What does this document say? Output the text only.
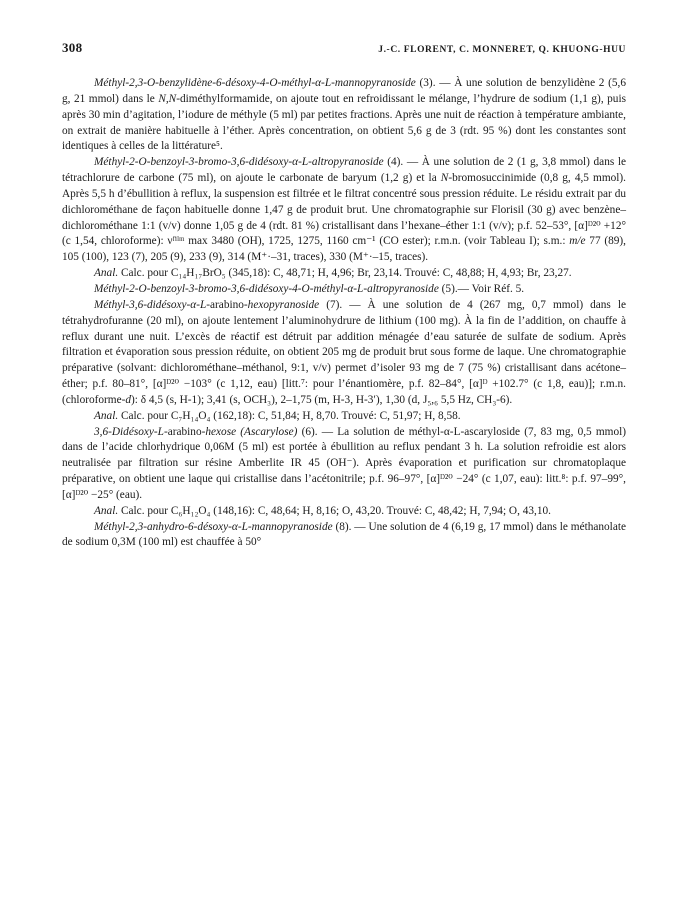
308	J.-C. FLORENT, C. MONNERET, Q. KHUONG-HUU

Méthyl-2,3-O-benzylidène-6-désoxy-4-O-méthyl-α-L-mannopyranoside (3). — À une solution de benzylidène 2 (5,6 g, 21 mmol) dans le N,N-diméthylformamide, on ajoute tout en refroidissant le mélange, l’hydrure de sodium (1,1 g), puis après 30 min d’agitation, l’iodure de méthyle (5 ml) par petites fractions. Après une nuit de réaction à température ambiante, on extrait de manière habituelle à l’éther. Après concentration, on obtient 5,6 g de 3 (rdt. 95 %) dont les constantes sont identiques à celles de la littérature⁵.

Méthyl-2-O-benzoyl-3-bromo-3,6-didésoxy-α-L-altropyranoside (4). — À une solution de 2 (1 g, 3,8 mmol) dans le tétrachlorure de carbone (75 ml), on ajoute le carbonate de baryum (1,2 g) et la N-bromosuccinimide (0,8 g, 4,5 mmol). Après 5,5 h d’ébullition à reflux, la suspension est filtrée et le filtrat concentré sous pression réduite. Le résidu extrait par du dichlorométhane de façon habituelle donne 1,47 g de produit brut. Une chromatographie sur Florisil (30 g) avec benzène–dichlorométhane 1:1 (v/v) donne 1,05 g de 4 (rdt. 81 %) cristallisant dans l’hexane–éther 1:1 (v/v); p.f. 52–53°, [α]ᴰ²⁰ +12° (c 1,54, chloroforme): νᶠⁱˡᵐ max 3480 (OH), 1725, 1275, 1160 cm⁻¹ (CO ester); r.m.n. (voir Tableau I); s.m.: m/e 77 (89), 105 (100), 123 (7), 205 (9), 233 (9), 314 (M⁺·–31, traces), 330 (M⁺·–15, traces).

Anal. Calc. pour C₁₄H₁₇BrO₅ (345,18): C, 48,71; H, 4,96; Br, 23,14. Trouvé: C, 48,88; H, 4,93; Br, 23,27.

Méthyl-2-O-benzoyl-3-bromo-3,6-didésoxy-4-O-méthyl-α-L-altropyranoside (5).— Voir Réf. 5.

Méthyl-3,6-didésoxy-α-L-arabino-hexopyranoside (7). — À une solution de 4 (267 mg, 0,7 mmol) dans le tétrahydrofuranne (20 ml), on ajoute lentement l’aluminohydrure de lithium (100 mg). À la fin de l’addition, on chauffe à reflux durant une nuit. L’excès de réactif est détruit par addition ménagée d’eau saturée de sulfate de sodium. Après filtration et évaporation sous pression réduite, on obtient 205 mg de produit brut sous forme de laque. Une chromatographie préparative (solvant: dichlorométhane–méthanol, 9:1, v/v) permet d’isoler 93 mg de 7 (75 %) cristallisant dans acétone–éther; p.f. 80–81°, [α]ᴰ²⁰ −103° (c 1,12, eau) [litt.⁷: pour l’énantiomère, p.f. 82–84°, [α]ᴰ +102.7° (c 1,8, eau)]; r.m.n. (chloroforme-d): δ 4,5 (s, H-1); 3,41 (s, OCH₃), 2–1,75 (m, H-3, H-3′), 1,30 (d, J₅,₆ 5,5 Hz, CH₃-6).

Anal. Calc. pour C₇H₁₄O₄ (162,18): C, 51,84; H, 8,70. Trouvé: C, 51,97; H, 8,58.

3,6-Didésoxy-L-arabino-hexose (Ascarylose) (6). — La solution de méthyl-α-L-ascaryloside (7, 83 mg, 0,5 mmol) dans de l’acide chlorhydrique 0,06M (5 ml) est portée à ébullition au reflux pendant 3 h. La solution refroidie est alors neutralisée par filtration sur résine Amberlite IR 45 (OH⁻). Après évaporation et purification sur chromatoplaque préparative, on obtient une laque qui cristallise dans l’acétonitrile; p.f. 96–97°, [α]ᴰ²⁰ −24° (c 1,07, eau): litt.⁸: p.f. 97–99°, [α]ᴰ²⁰ −25° (eau).

Anal. Calc. pour C₆H₁₂O₄ (148,16): C, 48,64; H, 8,16; O, 43,20. Trouvé: C, 48,42; H, 7,94; O, 43,10.

Méthyl-2,3-anhydro-6-désoxy-α-L-mannopyranoside (8). — Une solution de 4 (6,19 g, 17 mmol) dans le méthanolate de sodium 0,3M (100 ml) est chauffée à 50°
